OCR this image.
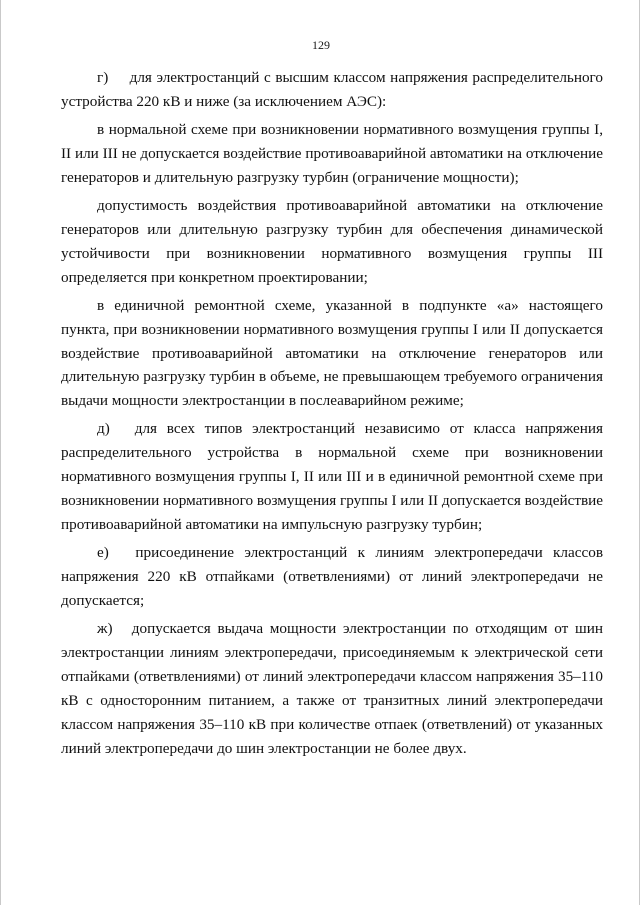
129

г) для электростанций с высшим классом напряжения распределительного устройства 220 кВ и ниже (за исключением АЭС):

в нормальной схеме при возникновении нормативного возмущения группы I, II или III не допускается воздействие противоаварийной автоматики на отключение генераторов и длительную разгрузку турбин (ограничение мощности);

допустимость воздействия противоаварийной автоматики на отключение генераторов или длительную разгрузку турбин для обеспечения динамической устойчивости при возникновении нормативного возмущения группы III определяется при конкретном проектировании;

в единичной ремонтной схеме, указанной в подпункте «а» настоящего пункта, при возникновении нормативного возмущения группы I или II допускается воздействие противоаварийной автоматики на отключение генераторов или длительную разгрузку турбин в объеме, не превышающем требуемого ограничения выдачи мощности электростанции в послеаварийном режиме;

д) для всех типов электростанций независимо от класса напряжения распределительного устройства в нормальной схеме при возникновении нормативного возмущения группы I, II или III и в единичной ремонтной схеме при возникновении нормативного возмущения группы I или II допускается воздействие противоаварийной автоматики на импульсную разгрузку турбин;

е) присоединение электростанций к линиям электропередачи классов напряжения 220 кВ отпайками (ответвлениями) от линий электропередачи не допускается;

ж) допускается выдача мощности электростанции по отходящим от шин электростанции линиям электропередачи, присоединяемым к электрической сети отпайками (ответвлениями) от линий электропередачи классом напряжения 35–110 кВ с односторонним питанием, а также от транзитных линий электропередачи классом напряжения 35–110 кВ при количестве отпаек (ответвлений) от указанных линий электропередачи до шин электростанции не более двух.
